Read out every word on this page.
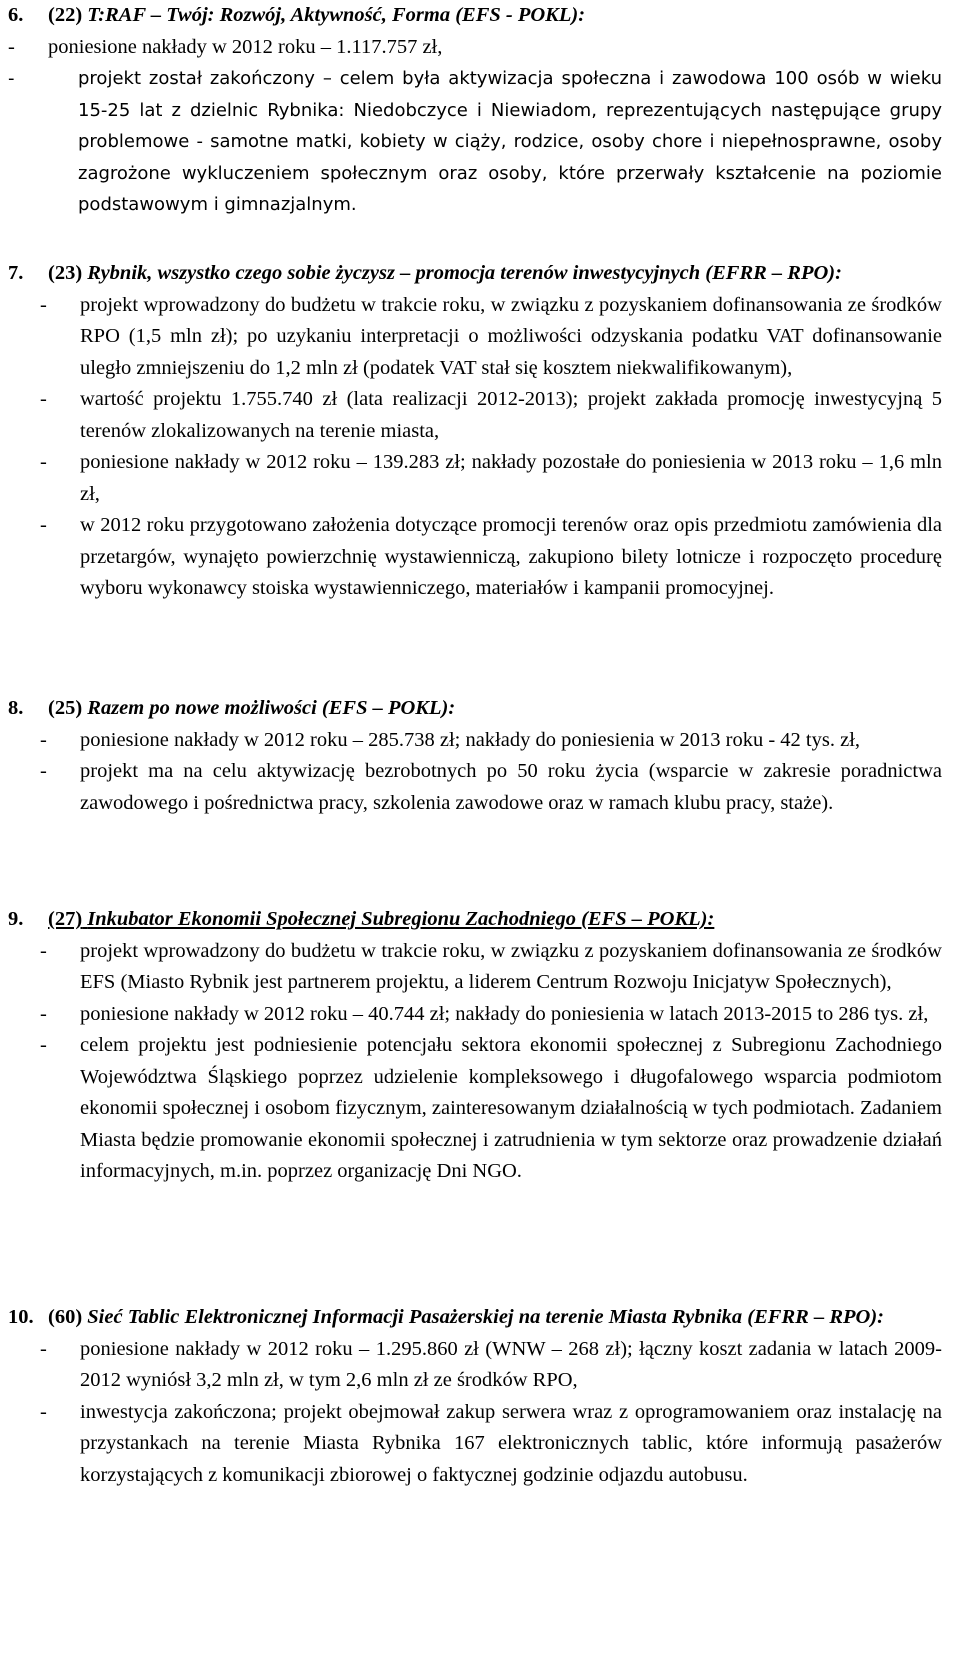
6. (22) T:RAF – Twój: Rozwój, Aktywność, Forma (EFS - POKL):
- poniesione nakłady w 2012 roku – 1.117.757 zł,
-	projekt został zakończony – celem była aktywizacja społeczna i zawodowa 100 osób w wieku 15-25 lat z dzielnic Rybnika: Niedobczyce i Niewiadom, reprezentujących następujące grupy problemowe - samotne matki, kobiety w ciąży, rodzice, osoby chore i niepełnosprawne, osoby zagrożone wykluczeniem społecznym oraz osoby, które przerwały kształcenie na poziomie podstawowym i gimnazjalnym.
7. (23) Rybnik, wszystko czego sobie życzysz – promocja terenów inwestycyjnych (EFRR – RPO):
- projekt wprowadzony do budżetu w trakcie roku, w związku z pozyskaniem dofinansowania ze środków RPO (1,5 mln zł); po uzykaniu interpretacji o możliwości odzyskania podatku VAT dofinansowanie uległo zmniejszeniu do 1,2 mln zł (podatek VAT stał się kosztem niekwalifikowanym),
- wartość projektu 1.755.740 zł (lata realizacji 2012-2013); projekt zakłada promocję inwestycyjną 5 terenów zlokalizowanych na terenie miasta,
- poniesione nakłady w 2012 roku – 139.283 zł; nakłady pozostałe do poniesienia w 2013 roku – 1,6 mln zł,
- w 2012 roku przygotowano założenia dotyczące promocji terenów oraz opis przedmiotu zamówienia dla przetargów, wynajęto powierzchnię wystawienniczą, zakupiono bilety lotnicze i rozpoczęto procedurę wyboru wykonawcy stoiska wystawienniczego, materiałów i kampanii promocyjnej.
8. (25) Razem po nowe możliwości (EFS – POKL):
- poniesione nakłady w 2012 roku – 285.738 zł; nakłady do poniesienia w 2013 roku - 42 tys. zł,
- projekt ma na celu aktywizację bezrobotnych po 50 roku życia (wsparcie w zakresie poradnictwa zawodowego i pośrednictwa pracy, szkolenia zawodowe oraz w ramach klubu pracy, staże).
9. (27) Inkubator Ekonomii Społecznej Subregionu Zachodniego (EFS – POKL):
- projekt wprowadzony do budżetu w trakcie roku, w związku z pozyskaniem dofinansowania ze środków EFS (Miasto Rybnik jest partnerem projektu, a liderem Centrum Rozwoju Inicjatyw Społecznych),
- poniesione nakłady w 2012 roku – 40.744 zł; nakłady do poniesienia w latach 2013-2015 to 286 tys. zł,
- celem projektu jest podniesienie potencjału sektora ekonomii społecznej z Subregionu Zachodniego Województwa Śląskiego poprzez udzielenie kompleksowego i długofalowego wsparcia podmiotom ekonomii społecznej i osobom fizycznym, zainteresowanym działalnością w tych podmiotach. Zadaniem Miasta będzie promowanie ekonomii społecznej i zatrudnienia w tym sektorze oraz prowadzenie działań informacyjnych, m.in. poprzez organizację Dni NGO.
10. (60) Sieć Tablic Elektronicznej Informacji Pasażerskiej na terenie Miasta Rybnika (EFRR – RPO):
- poniesione nakłady w 2012 roku – 1.295.860 zł (WNW – 268 zł); łączny koszt zadania w latach 2009-2012 wyniósł 3,2 mln zł, w tym 2,6 mln zł ze środków RPO,
- inwestycja zakończona; projekt obejmował zakup serwera wraz z oprogramowaniem oraz instalację na przystankach na terenie Miasta Rybnika 167 elektronicznych tablic, które informują pasażerów korzystających z komunikacji zbiorowej o faktycznej godzinie odjazdu autobusu.
